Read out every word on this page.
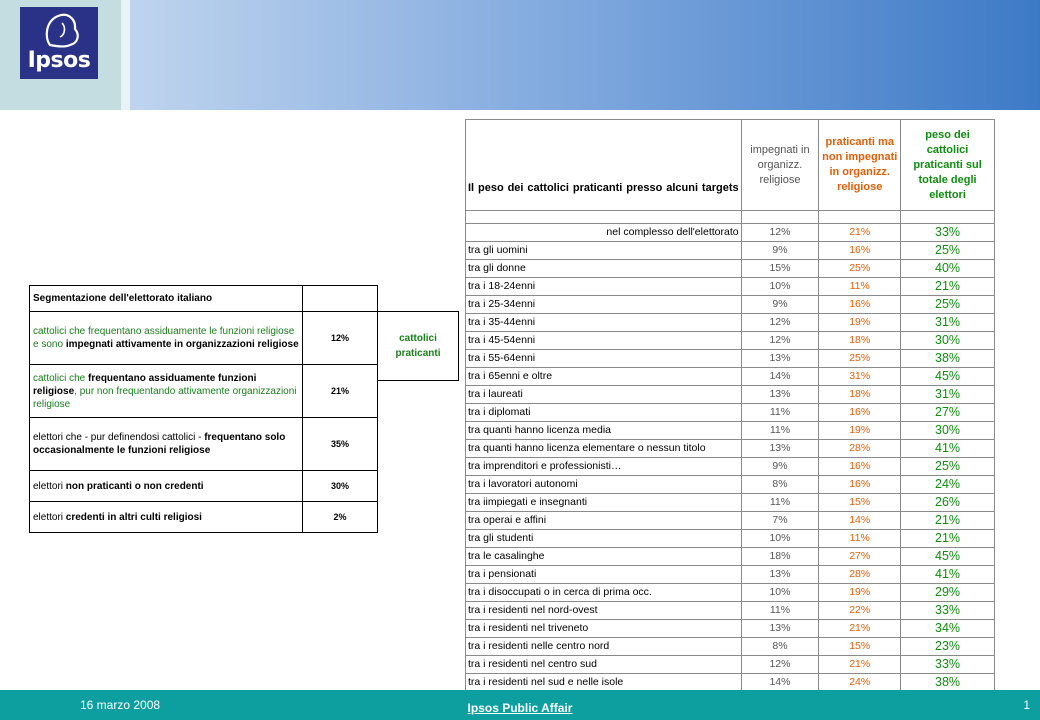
Ipsos
Segmentazione dell'elettorato italiano	
cattolici che frequentano assiduamente le funzioni religiose e sono impegnati attivamente in organizzazioni religiose	12%
cattolici che frequentano assiduamente funzioni religiose, pur non frequentando attivamente organizzazioni religiose	21%
elettori che - pur definendosi cattolici - frequentano solo occasionalmente le funzioni religiose	35%
elettori non praticanti o non credenti	30%
elettori credenti in altri culti religiosi	2%
cattolici praticanti
Il peso dei cattolici praticanti presso alcuni targets	impegnati in organizz. religiose	praticanti ma non impegnati in organizz. religiose	peso dei cattolici praticanti sul totale degli elettori

nel complesso dell'elettorato	12%	21%	33%
tra gli uomini	9%	16%	25%
tra gli donne	15%	25%	40%
tra i 18-24enni	10%	11%	21%
tra i 25-34enni	9%	16%	25%
tra i 35-44enni	12%	19%	31%
tra i 45-54enni	12%	18%	30%
tra i 55-64enni	13%	25%	38%
tra i 65enni e oltre	14%	31%	45%
tra i laureati	13%	18%	31%
tra i diplomati	11%	16%	27%
tra quanti hanno licenza media	11%	19%	30%
tra quanti hanno licenza elementare o nessun titolo	13%	28%	41%
tra imprenditori e professionisti…	9%	16%	25%
tra i lavoratori autonomi	8%	16%	24%
tra iimpiegati e insegnanti	11%	15%	26%
tra operai e affini	7%	14%	21%
tra gli studenti	10%	11%	21%
tra le casalinghe	18%	27%	45%
tra i pensionati	13%	28%	41%
tra i disoccupati o in cerca di prima occ.	10%	19%	29%
tra i residenti nel nord-ovest	11%	22%	33%
tra i residenti nel triveneto	13%	21%	34%
tra i residenti nelle centro nord	8%	15%	23%
tra i residenti nel centro sud	12%	21%	33%
tra i residenti nel sud e nelle isole	14%	24%	38%
16 marzo 2008	Ipsos Public Affair	1
